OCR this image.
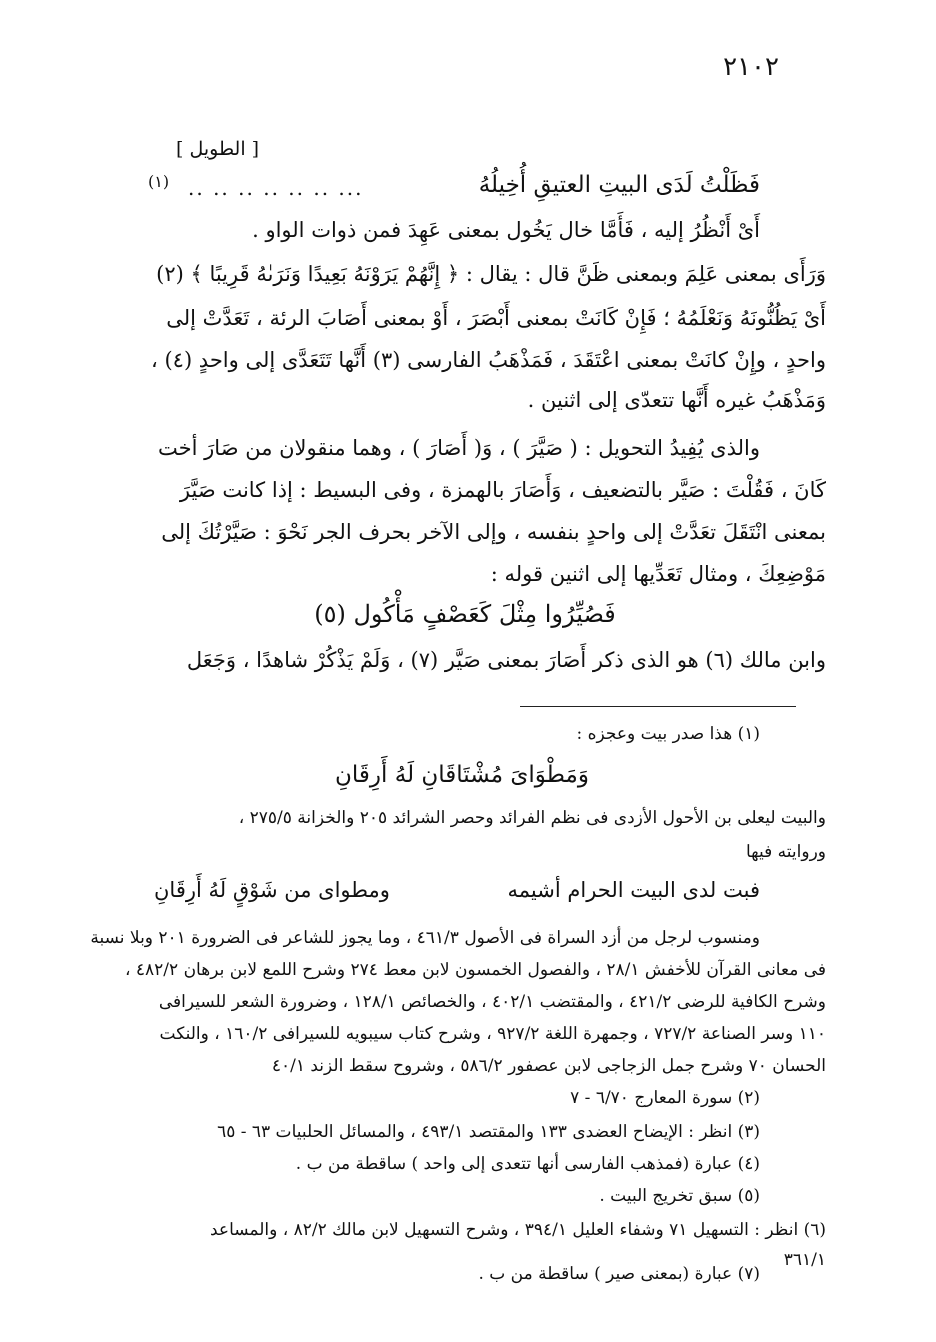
٢١٠٢
[ الطويل ]
فَظَلْتُ لَدَى البيتِ العتيقِ أُخِيلُهُ
.. .. .. .. .. .. ...
(١)
أَىْ أَنْظُرُ إليه ، فَأَمَّا خال يَخُول بمعنى عَهِدَ فمن ذوات الواو .
وَرَأَى بمعنى عَلِمَ وبمعنى ظَنَّ قال : يقال : ﴿ إِنَّهُمْ يَرَوْنَهُ بَعِيدًا وَنَرَىٰهُ قَرِيبًا ﴾ (٢)
أَىْ يَظُنُّونَهُ وَنَعْلَمُهُ ؛ فَإِنْ كَانَتْ بمعنى أَبْصَرَ ، أَوْ بمعنى أَصَابَ الرئة ، تَعَدَّتْ إلى
واحدٍ ، وإِنْ كانَتْ بمعنى اعْتَقَدَ ، فَمَذْهَبُ الفارسى (٣) أَنَّها تَتَعَدَّى إلى واحدٍ (٤) ،
وَمَذْهَبُ غيره أَنَّها تتعدّى إلى اثنين .
والذى يُفِيدُ التحويل : ( صَيَّرَ ) ، وَ( أَصَارَ ) ، وهما منقولان من صَارَ أخت
كَانَ ، فَقُلْتَ : صَيَّر بالتضعيف ، وَأَصَارَ بالهمزة ، وفى البسيط : إذا كانت صَيَّرَ
بمعنى انْتَقَلَ تعَدَّتْ إلى واحدٍ بنفسه ، وإلى الآخر بحرف الجر نَحْوَ : صَيَّرْتُكَ إلى
مَوْضِعِكَ ، ومثال تَعَدِّيها إلى اثنين قوله :
فَصُيِّرُوا مِثْلَ كَعَصْفٍ مَأْكُول (٥)
وابن مالك (٦) هو الذى ذكر أَصَارَ بمعنى صَيَّر (٧) ، وَلَمْ يَذْكُرْ شاهدًا ، وَجَعَل
(١) هذا صدر بيت وعجزه :
وَمَطْوَاىَ مُشْتَاقَانِ لَهُ أَرِقَانِ
والبيت ليعلى بن الأحول الأزدى فى نظم الفرائد وحصر الشرائد ٢٠٥ والخزانة ٢٧٥/٥ ،
وروايته فيها
فبت لدى البيت الحرام أشيمه
ومطواى من شَوْقٍ لَهُ أَرِقَانِ
ومنسوب لرجل من أزد السراة فى الأصول ٤٦١/٣ ، وما يجوز للشاعر فى الضرورة ٢٠١ وبلا نسبة
فى معانى القرآن للأخفش ٢٨/١ ، والفصول الخمسون لابن معط ٢٧٤ وشرح اللمع لابن برهان ٤٨٢/٢ ،
وشرح الكافية للرضى ٤٢١/٢ ، والمقتضب ٤٠٢/١ ، والخصائص ١٢٨/١ ، وضرورة الشعر للسيرافى
١١٠ وسر الصناعة ٧٢٧/٢ ، وجمهرة اللغة ٩٢٧/٢ ، وشرح كتاب سيبويه للسيرافى ١٦٠/٢ ، والنكت
الحسان ٧٠ وشرح جمل الزجاجى لابن عصفور ٥٨٦/٢ ، وشروح سقط الزند ٤٠/١
(٢) سورة المعارج ٦/٧٠ - ٧
(٣) انظر : الإيضاح العضدى ١٣٣ والمقتصد ٤٩٣/١ ، والمسائل الحلبيات ٦٣ - ٦٥
(٤) عبارة (فمذهب الفارسى أنها تتعدى إلى واحد ) ساقطة من ب .
(٥) سبق تخريج البيت .
(٦) انظر : التسهيل ٧١ وشفاء العليل ٣٩٤/١ ، وشرح التسهيل لابن مالك ٨٢/٢ ، والمساعد
٣٦١/١
(٧) عبارة (بمعنى صير ) ساقطة من ب .
